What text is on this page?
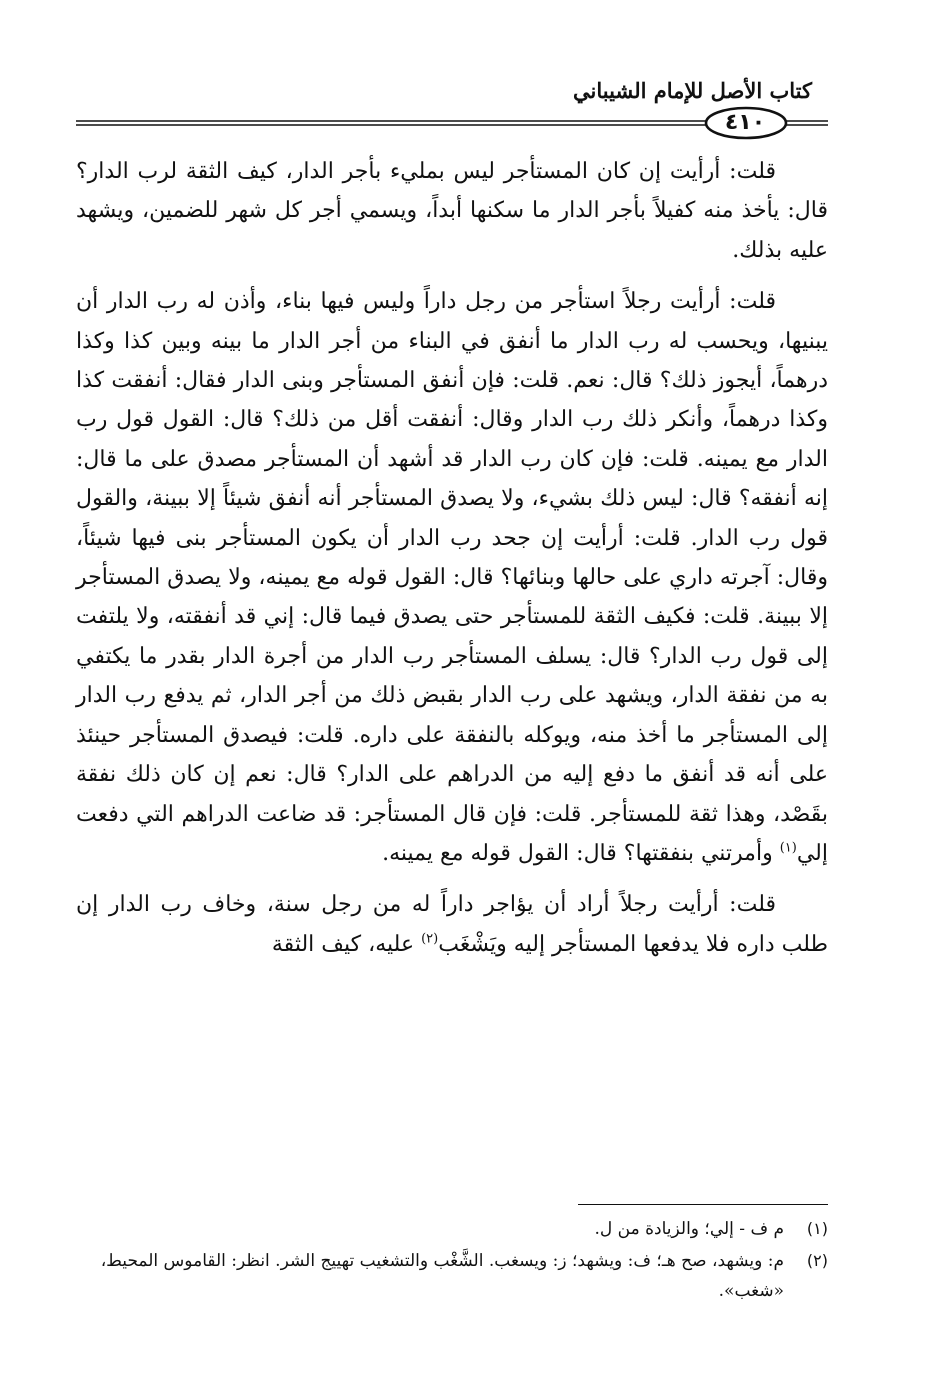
كتاب الأصل للإمام الشيباني
٤١٠

قلت: أرأيت إن كان المستأجر ليس بمليء بأجر الدار، كيف الثقة لرب الدار؟ قال: يأخذ منه كفيلاً بأجر الدار ما سكنها أبداً، ويسمي أجر كل شهر للضمين، ويشهد عليه بذلك.

قلت: أرأيت رجلاً استأجر من رجل داراً وليس فيها بناء، وأذن له رب الدار أن يبنيها، ويحسب له رب الدار ما أنفق في البناء من أجر الدار ما بينه وبين كذا وكذا درهماً، أيجوز ذلك؟ قال: نعم. قلت: فإن أنفق المستأجر وبنى الدار فقال: أنفقت كذا وكذا درهماً، وأنكر ذلك رب الدار وقال: أنفقت أقل من ذلك؟ قال: القول قول رب الدار مع يمينه. قلت: فإن كان رب الدار قد أشهد أن المستأجر مصدق على ما قال: إنه أنفقه؟ قال: ليس ذلك بشيء، ولا يصدق المستأجر أنه أنفق شيئاً إلا ببينة، والقول قول رب الدار. قلت: أرأيت إن جحد رب الدار أن يكون المستأجر بنى فيها شيئاً، وقال: آجرته داري على حالها وبنائها؟ قال: القول قوله مع يمينه، ولا يصدق المستأجر إلا ببينة. قلت: فكيف الثقة للمستأجر حتى يصدق فيما قال: إني قد أنفقته، ولا يلتفت إلى قول رب الدار؟ قال: يسلف المستأجر رب الدار من أجرة الدار بقدر ما يكتفي به من نفقة الدار، ويشهد على رب الدار بقبض ذلك من أجر الدار، ثم يدفع رب الدار إلى المستأجر ما أخذ منه، ويوكله بالنفقة على داره. قلت: فيصدق المستأجر حينئذ على أنه قد أنفق ما دفع إليه من الدراهم على الدار؟ قال: نعم إن كان ذلك نفقة بقَصْد، وهذا ثقة للمستأجر. قلت: فإن قال المستأجر: قد ضاعت الدراهم التي دفعت إلي$^{(١)}$ وأمرتني بنفقتها؟ قال: القول قوله مع يمينه.

قلت: أرأيت رجلاً أراد أن يؤاجر داراً له من رجل سنة، وخاف رب الدار إن طلب داره فلا يدفعها المستأجر إليه ويَشْغَب$^{(٢)}$ عليه، كيف الثقة

(١)
م ف - إلي؛ والزيادة من ل.
(٢)
م: ويشهد، صح هـ؛ ف: ويشهد؛ ز: ويسغب. الشَّغْب والتشغيب تهييج الشر. انظر: القاموس المحيط، «شغب».
